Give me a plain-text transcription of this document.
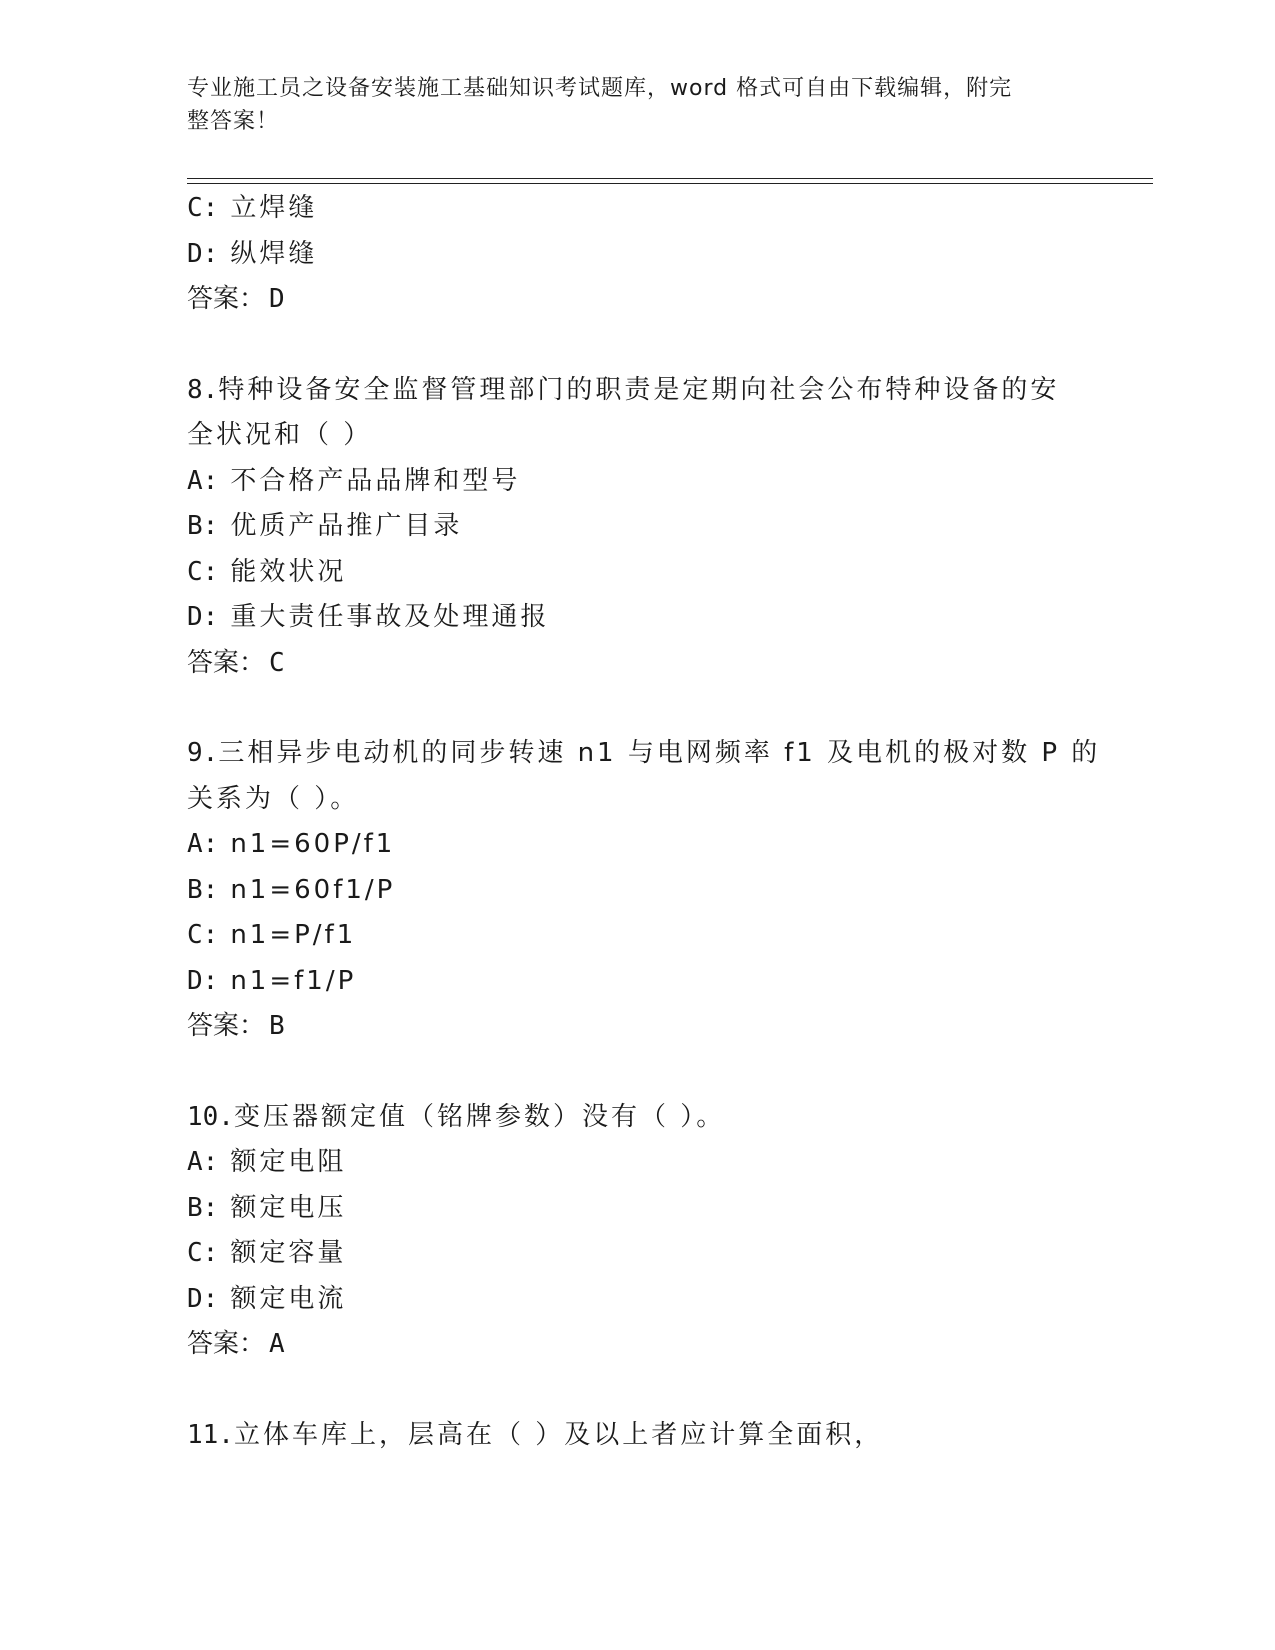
专业施工员之设备安装施工基础知识考试题库，word 格式可自由下载编辑，附完
整答案！
C: 立焊缝
D: 纵焊缝
答案： D
8.特种设备安全监督管理部门的职责是定期向社会公布特种设备的安
全状况和（ ）
A: 不合格产品品牌和型号
B: 优质产品推广目录
C: 能效状况
D: 重大责任事故及处理通报
答案： C
9.三相异步电动机的同步转速 n1 与电网频率 f1 及电机的极对数 P 的
关系为（ ）。
A: n1=60P/f1
B: n1=60f1/P
C: n1=P/f1
D: n1=f1/P
答案： B
10.变压器额定值（铭牌参数）没有（ ）。
A: 额定电阻
B: 额定电压
C: 额定容量
D: 额定电流
答案： A
11.立体车库上，层高在（ ）及以上者应计算全面积，
